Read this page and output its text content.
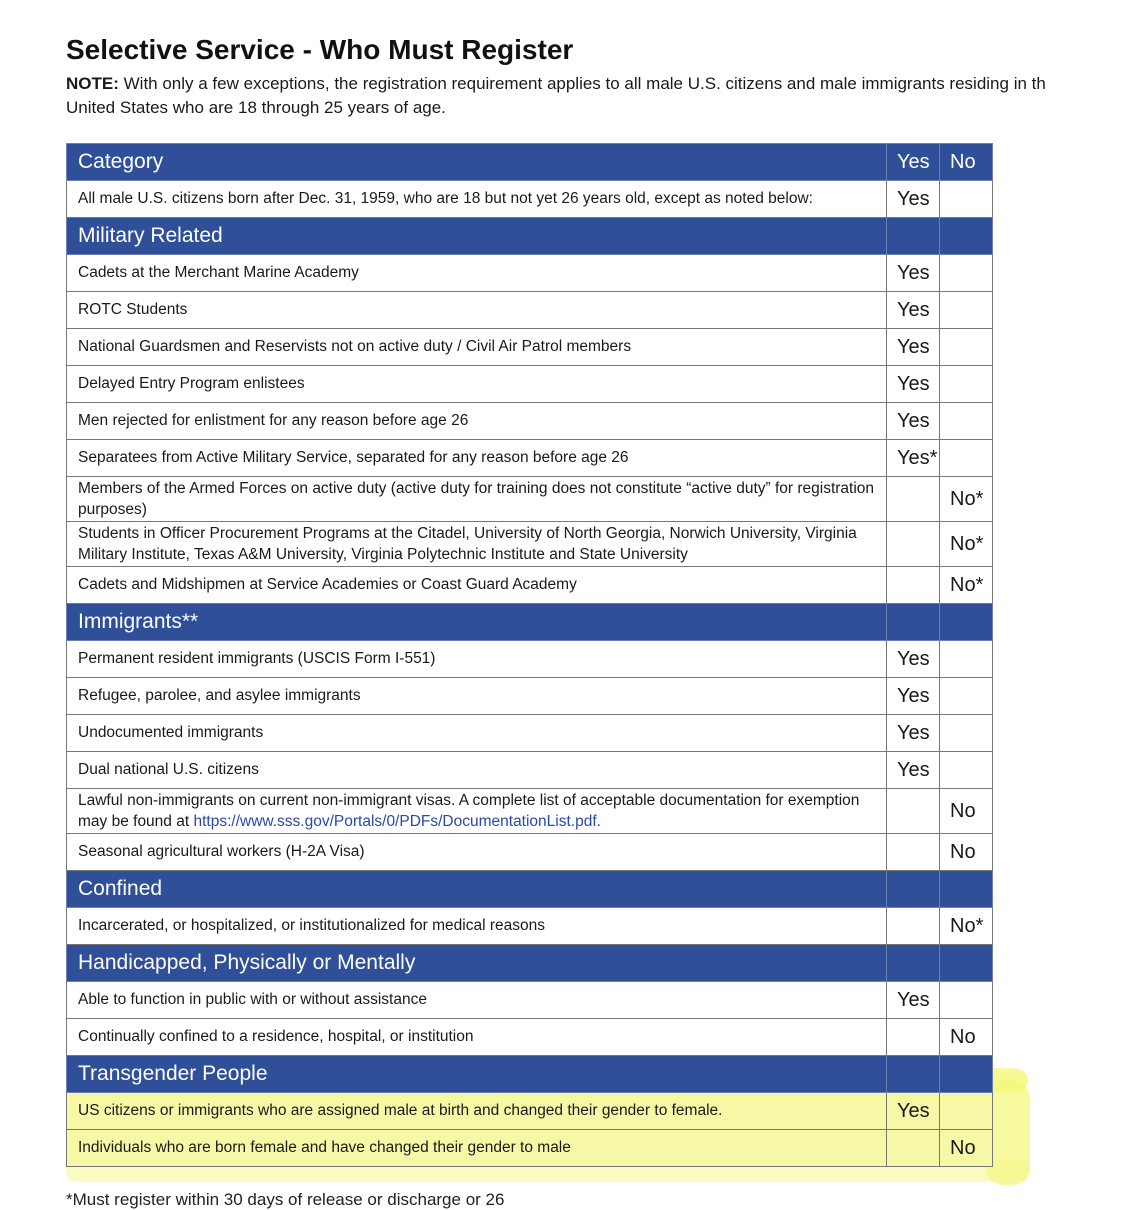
Selective Service - Who Must Register
NOTE: With only a few exceptions, the registration requirement applies to all male U.S. citizens and male immigrants residing in th
United States who are 18 through 25 years of age.
Category	Yes	No
All male U.S. citizens born after Dec. 31, 1959, who are 18 but not yet 26 years old, except as noted below:	Yes	
Military Related		
Cadets at the Merchant Marine Academy	Yes	
ROTC Students	Yes	
National Guardsmen and Reservists not on active duty / Civil Air Patrol members	Yes	
Delayed Entry Program enlistees	Yes	
Men rejected for enlistment for any reason before age 26	Yes	
Separatees from Active Military Service, separated for any reason before age 26	Yes*	
Members of the Armed Forces on active duty (active duty for training does not constitute “active duty” for registration purposes)		No*
Students in Officer Procurement Programs at the Citadel, University of North Georgia, Norwich University, Virginia Military Institute, Texas A&M University, Virginia Polytechnic Institute and State University		No*
Cadets and Midshipmen at Service Academies or Coast Guard Academy		No*
Immigrants**		
Permanent resident immigrants (USCIS Form I-551)	Yes	
Refugee, parolee, and asylee immigrants	Yes	
Undocumented immigrants	Yes	
Dual national U.S. citizens	Yes	
Lawful non-immigrants on current non-immigrant visas. A complete list of acceptable documentation for exemption may be found at https://www.sss.gov/Portals/0/PDFs/DocumentationList.pdf.		No
Seasonal agricultural workers (H-2A Visa)		No
Confined		
Incarcerated, or hospitalized, or institutionalized for medical reasons		No*
Handicapped, Physically or Mentally		
Able to function in public with or without assistance	Yes	
Continually confined to a residence, hospital, or institution		No
Transgender People		
US citizens or immigrants who are assigned male at birth and changed their gender to female.	Yes	
Individuals who are born female and have changed their gender to male		No
*Must register within 30 days of release or discharge or 26
